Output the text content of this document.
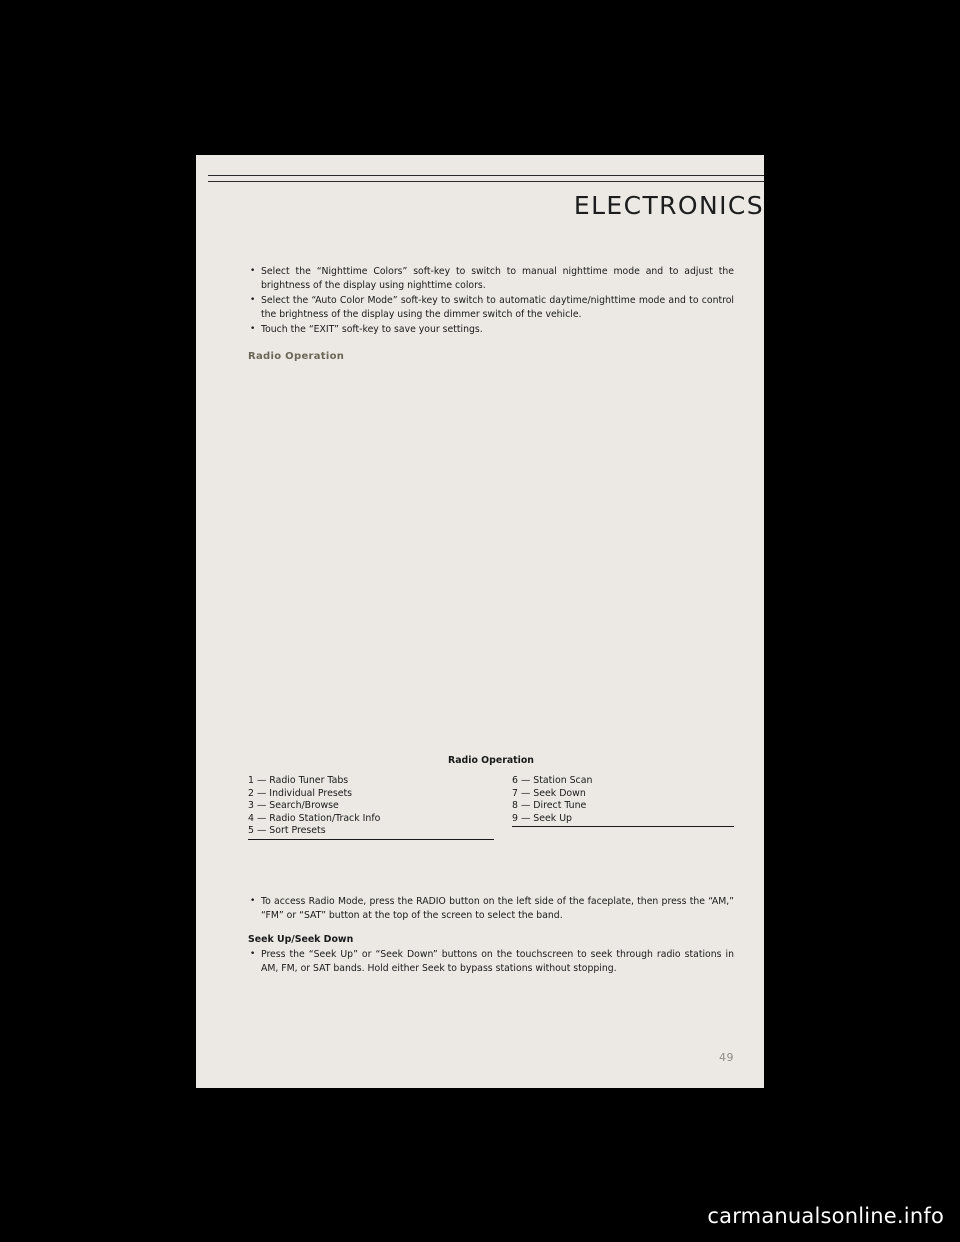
ELECTRONICS
• Select the “Nighttime Colors” soft-key to switch to manual nighttime mode and to adjust the brightness of the display using nighttime colors.
• Select the “Auto Color Mode” soft-key to switch to automatic daytime/nighttime mode and to control the brightness of the display using the dimmer switch of the vehicle.
• Touch the “EXIT” soft-key to save your settings.
Radio Operation
Radio Operation
1 — Radio Tuner Tabs
2 — Individual Presets
3 — Search/Browse
4 — Radio Station/Track Info
5 — Sort Presets
6 — Station Scan
7 — Seek Down
8 — Direct Tune
9 — Seek Up
• To access Radio Mode, press the RADIO button on the left side of the faceplate, then press the “AM,” “FM” or “SAT” button at the top of the screen to select the band.
Seek Up/Seek Down
• Press the “Seek Up” or “Seek Down” buttons on the touchscreen to seek through radio stations in AM, FM, or SAT bands. Hold either Seek to bypass stations without stopping.
49
carmanualsonline.info
